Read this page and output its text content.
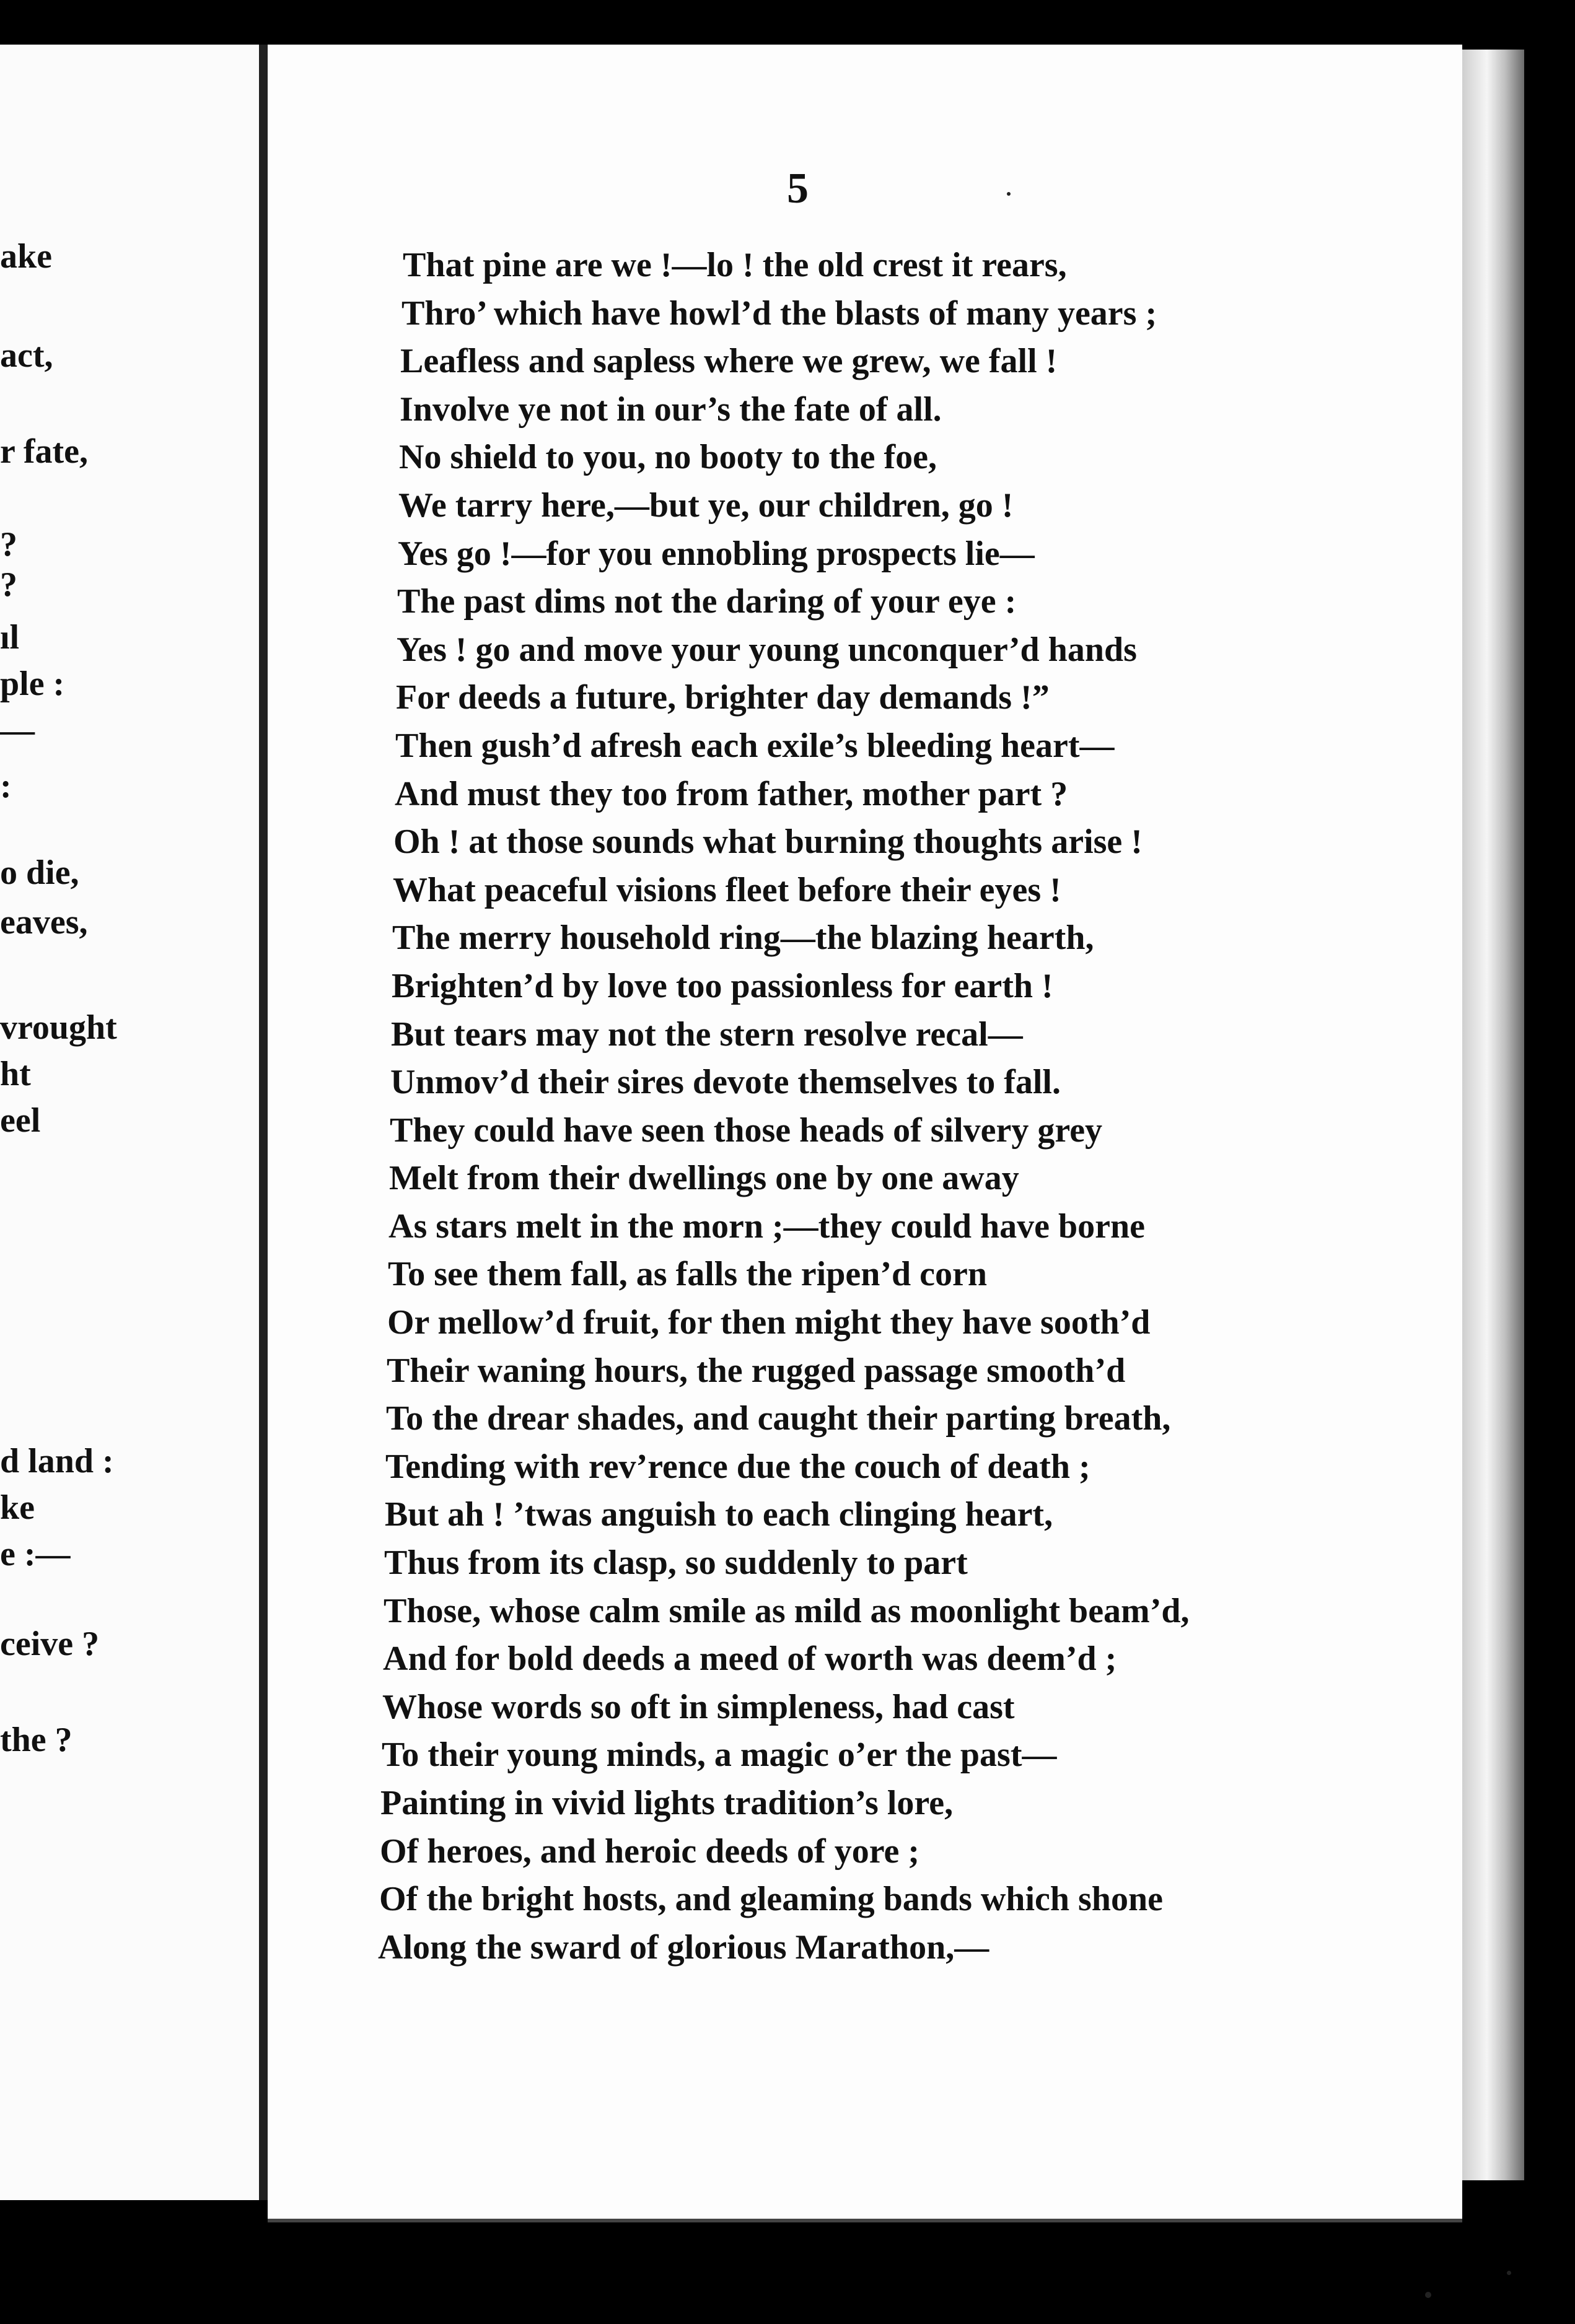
ake
act,
r fate,
?
?
ıl
ple :
—
:
o die,
eaves,
vrought
ht
eel
d land :
ke
e :—
ceive ?
the ?
5
That pine are we !—lo ! the old crest it rears,
Thro’ which have howl’d the blasts of many years ;
Leafless and sapless where we grew, we fall !
Involve ye not in our’s the fate of all.
No shield to you, no booty to the foe,
We tarry here,—but ye, our children, go !
Yes go !—for you ennobling prospects lie—
The past dims not the daring of your eye :
Yes ! go and move your young unconquer’d hands
For deeds a future, brighter day demands !”
Then gush’d afresh each exile’s bleeding heart—
And must they too from father, mother part ?
Oh ! at those sounds what burning thoughts arise !
What peaceful visions fleet before their eyes !
The merry household ring—the blazing hearth,
Brighten’d by love too passionless for earth !
But tears may not the stern resolve recal—
Unmov’d their sires devote themselves to fall.
They could have seen those heads of silvery grey
Melt from their dwellings one by one away
As stars melt in the morn ;—they could have borne
To see them fall, as falls the ripen’d corn
Or mellow’d fruit, for then might they have sooth’d
Their waning hours, the rugged passage smooth’d
To the drear shades, and caught their parting breath,
Tending with rev’rence due the couch of death ;
But ah ! ’twas anguish to each clinging heart,
Thus from its clasp, so suddenly to part
Those, whose calm smile as mild as moonlight beam’d,
And for bold deeds a meed of worth was deem’d ;
Whose words so oft in simpleness, had cast
To their young minds, a magic o’er the past—
Painting in vivid lights tradition’s lore,
Of heroes, and heroic deeds of yore ;
Of the bright hosts, and gleaming bands which shone
Along the sward of glorious Marathon,—
